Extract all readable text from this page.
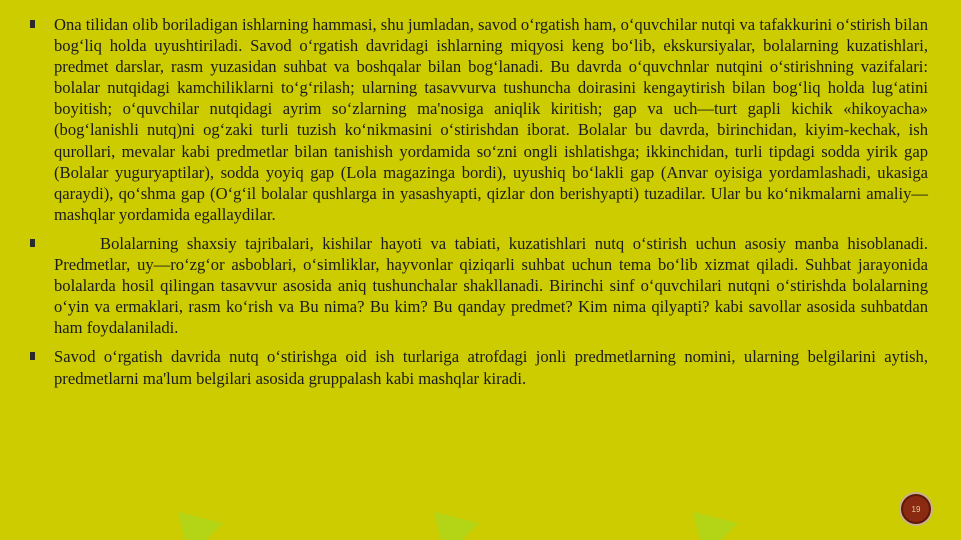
Ona tilidan olib boriladigan ishlarning hammasi, shu jumladan, savod o‘rgatish ham, o‘quvchilar nutqi va tafakkurini o‘stirish bilan bog‘liq holda uyushtiriladi. Savod o‘rgatish davridagi ishlarning miqyosi keng bo‘lib, ekskursiyalar, bolalarning kuzatishlari, predmet darslar, rasm yuzasidan suhbat va boshqalar bilan bog‘lanadi. Bu davrda o‘quvchnlar nutqini o‘stirishning vazifalari: bolalar nutqidagi kamchiliklarni to‘g‘rilash; ularning tasavvurva tushuncha doirasini kengaytirish bilan bog‘liq holda lug‘atini boyitish; o‘quvchilar nutqidagi ayrim so‘zlarning ma'nosiga aniqlik kiritish; gap va uch—turt gapli kichik «hikoyacha» (bog‘lanishli nutq)ni og‘zaki turli tuzish ko‘nikmasini o‘stirishdan iborat. Bolalar bu davrda, birinchidan, kiyim-kechak, ish qurollari, mevalar kabi predmetlar bilan tanishish yordamida so‘zni ongli ishlatishga; ikkinchidan, turli tipdagi sodda yirik gap (Bolalar yuguryaptilar), sodda yoyiq gap (Lola magazinga bordi), uyushiq bo‘lakli gap (Anvar oyisiga yordamlashadi, ukasiga qaraydi), qo‘shma gap (O‘g‘il bolalar qushlarga in yasashyapti, qizlar don berishyapti) tuzadilar. Ular bu ko‘nikmalarni amaliy—mashqlar yordamida egallaydilar.

Bolalarning shaxsiy tajribalari, kishilar hayoti va tabiati, kuzatishlari nutq o‘stirish uchun asosiy manba hisoblanadi. Predmetlar, uy—ro‘zg‘or asboblari, o‘simliklar, hayvonlar qiziqarli suhbat uchun tema bo‘lib xizmat qiladi. Suhbat jarayonida bolalarda hosil qilingan tasavvur asosida aniq tushunchalar shakllanadi. Birinchi sinf o‘quvchilari nutqni o‘stirishda bolalarning o‘yin va ermaklari, rasm ko‘rish va Bu nima? Bu kim? Bu qanday predmet? Kim nima qilyapti? kabi savollar asosida suhbatdan ham foydalaniladi.

Savod o‘rgatish davrida nutq o‘stirishga oid ish turlariga atrofdagi jonli predmetlarning nomini, ularning belgilarini aytish, predmetlarni ma'lum belgilari asosida gruppalash kabi mashqlar kiradi.

19
